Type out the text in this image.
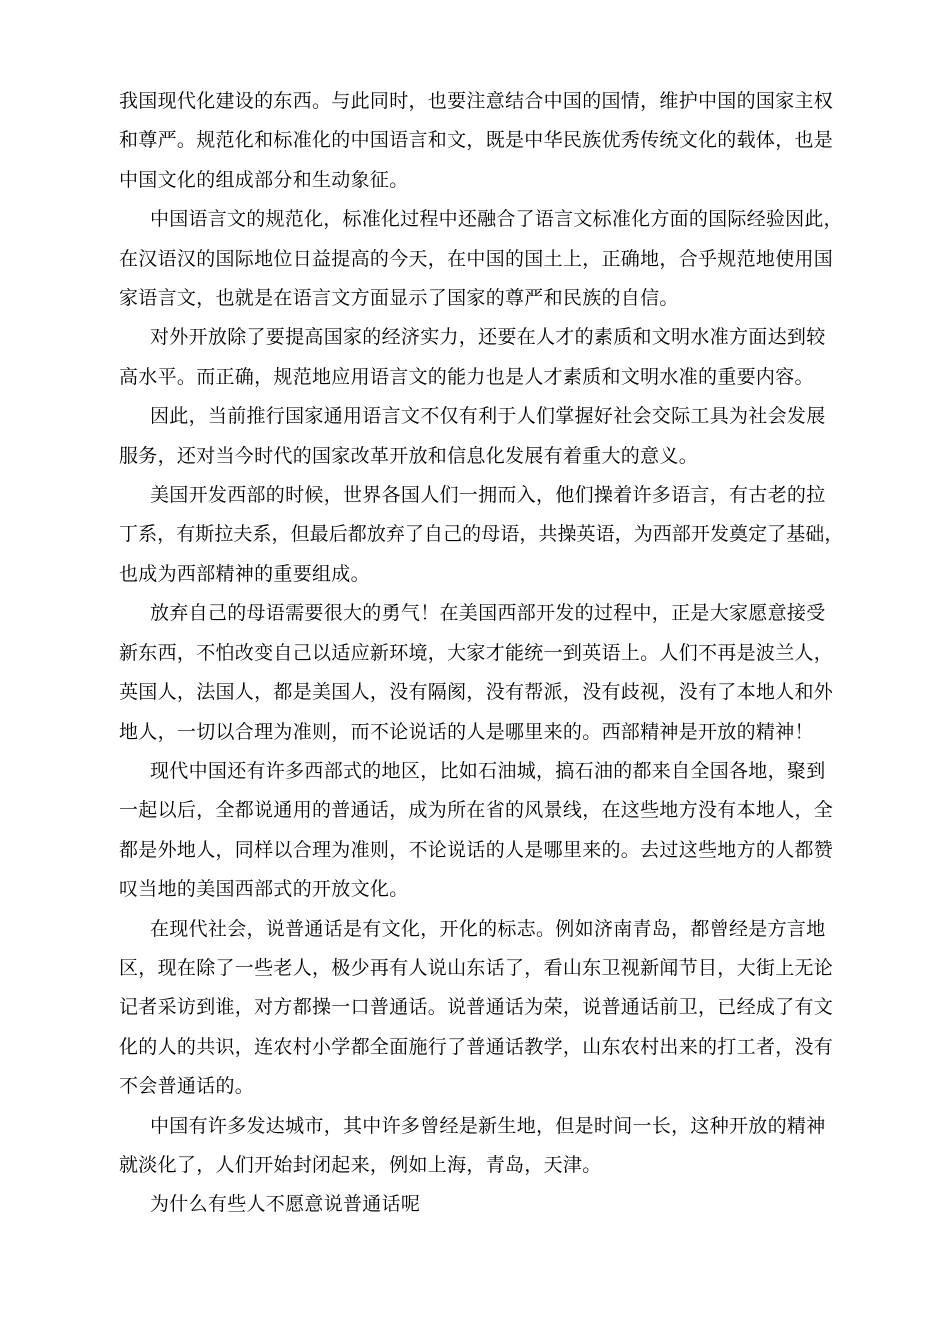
我国现代化建设的东西。与此同时，也要注意结合中国的国情，维护中国的国家主权
和尊严。规范化和标准化的中国语言和文，既是中华民族优秀传统文化的载体，也是
中国文化的组成部分和生动象征。

中国语言文的规范化，标准化过程中还融合了语言文标准化方面的国际经验因此，
在汉语汉的国际地位日益提高的今天，在中国的国土上，正确地，合乎规范地使用国
家语言文，也就是在语言文方面显示了国家的尊严和民族的自信。

对外开放除了要提高国家的经济实力，还要在人才的素质和文明水准方面达到较
高水平。而正确，规范地应用语言文的能力也是人才素质和文明水准的重要内容。

因此，当前推行国家通用语言文不仅有利于人们掌握好社会交际工具为社会发展
服务，还对当今时代的国家改革开放和信息化发展有着重大的意义。

美国开发西部的时候，世界各国人们一拥而入，他们操着许多语言，有古老的拉
丁系，有斯拉夫系，但最后都放弃了自己的母语，共操英语，为西部开发奠定了基础，
也成为西部精神的重要组成。

放弃自己的母语需要很大的勇气！在美国西部开发的过程中，正是大家愿意接受
新东西，不怕改变自己以适应新环境，大家才能统一到英语上。人们不再是波兰人，
英国人，法国人，都是美国人，没有隔阂，没有帮派，没有歧视，没有了本地人和外
地人，一切以合理为准则，而不论说话的人是哪里来的。西部精神是开放的精神！

现代中国还有许多西部式的地区，比如石油城，搞石油的都来自全国各地，聚到
一起以后，全都说通用的普通话，成为所在省的风景线，在这些地方没有本地人，全
都是外地人，同样以合理为准则，不论说话的人是哪里来的。去过这些地方的人都赞
叹当地的美国西部式的开放文化。

在现代社会，说普通话是有文化，开化的标志。例如济南青岛，都曾经是方言地
区，现在除了一些老人，极少再有人说山东话了，看山东卫视新闻节目，大街上无论
记者采访到谁，对方都操一口普通话。说普通话为荣，说普通话前卫，已经成了有文
化的人的共识，连农村小学都全面施行了普通话教学，山东农村出来的打工者，没有
不会普通话的。

中国有许多发达城市，其中许多曾经是新生地，但是时间一长，这种开放的精神
就淡化了，人们开始封闭起来，例如上海，青岛，天津。

为什么有些人不愿意说普通话呢
